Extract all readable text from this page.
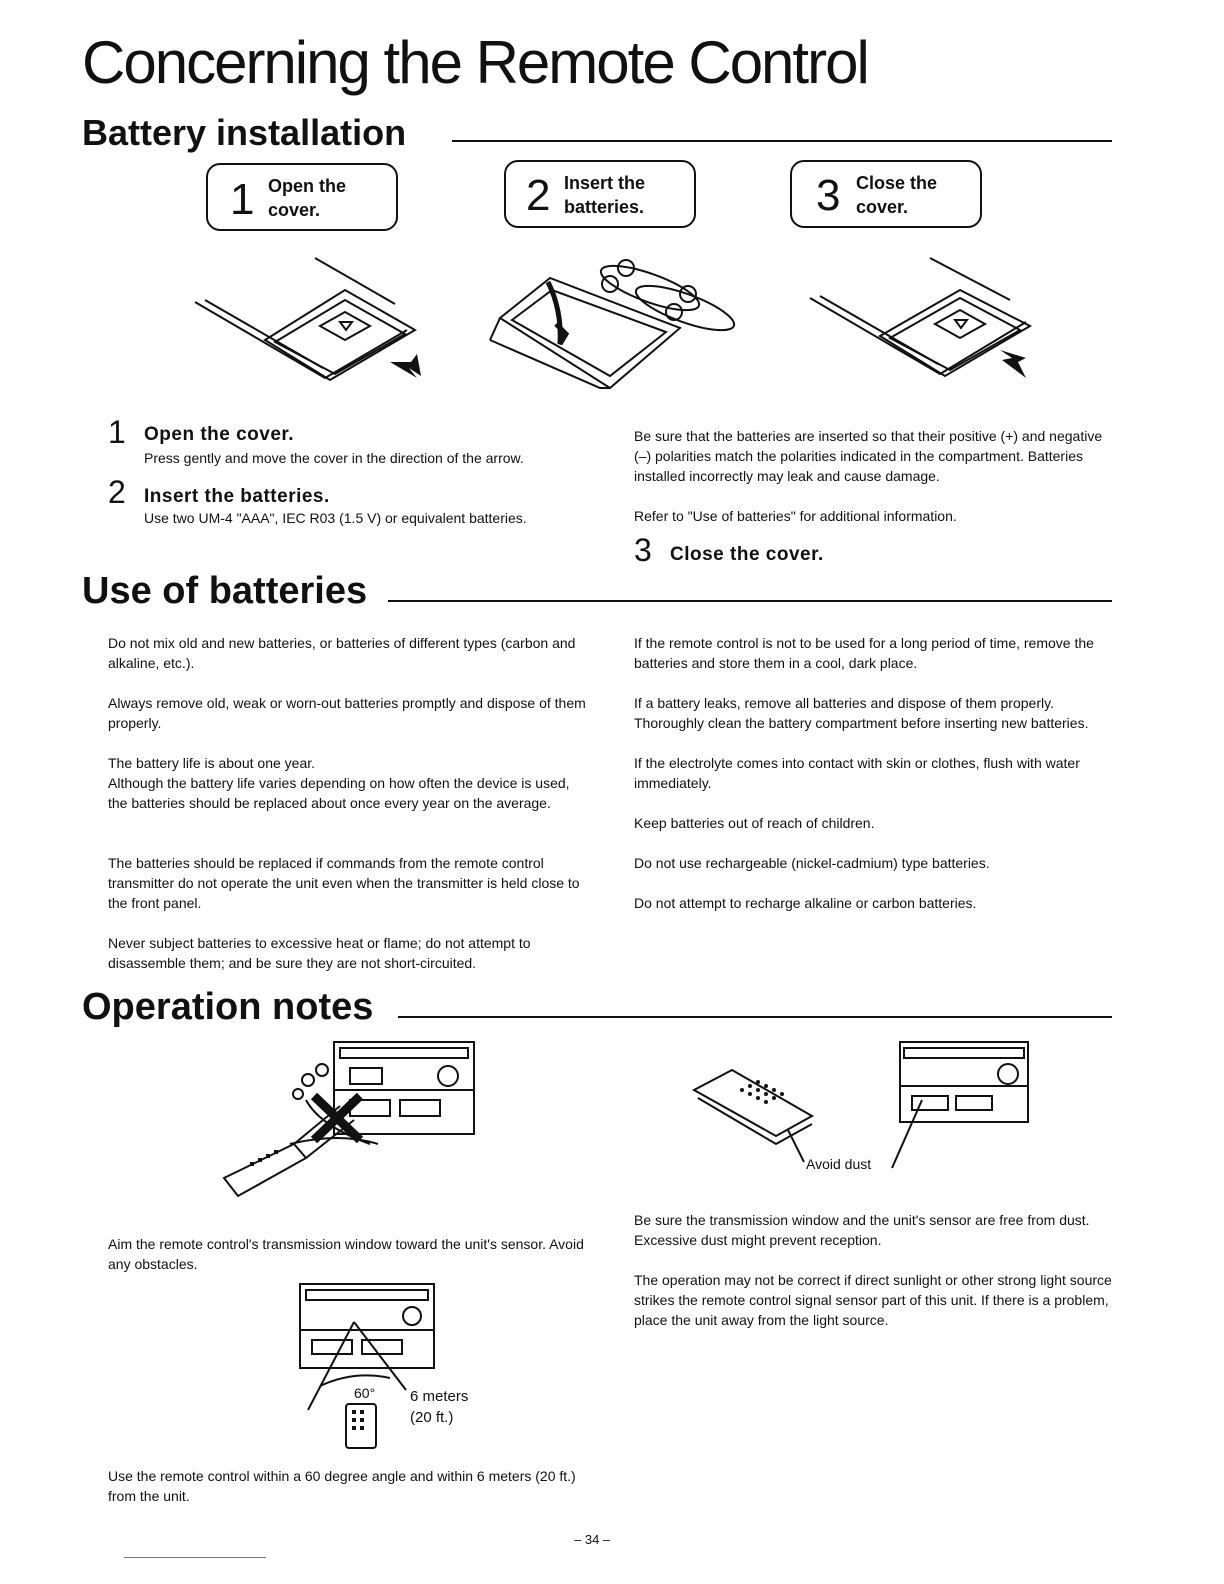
Concerning the Remote Control
Battery installation
1 Open the
cover.	2 Insert the
batteries.	3 Close the
cover.
1 Open the cover.
Press gently and move the cover in the direction of the arrow.
2 Insert the batteries.
Use two UM-4 "AAA", IEC R03 (1.5 V) or equivalent batteries.

Be sure that the batteries are inserted so that their positive (+) and negative (–) polarities match the polarities indicated in the compartment. Batteries installed incorrectly may leak and cause damage.

Refer to "Use of batteries" for additional information.

3 Close the cover.
Use of batteries

Do not mix old and new batteries, or batteries of different types (carbon and alkaline, etc.).

Always remove old, weak or worn-out batteries promptly and dispose of them properly.

The battery life is about one year.

Although the battery life varies depending on how often the device is used, the batteries should be replaced about once every year on the average.

The batteries should be replaced if commands from the remote control transmitter do not operate the unit even when the transmitter is held close to the front panel.

Never subject batteries to excessive heat or flame; do not attempt to disassemble them; and be sure they are not short-circuited.

If the remote control is not to be used for a long period of time, remove the batteries and store them in a cool, dark place.

If a battery leaks, remove all batteries and dispose of them properly.

Thoroughly clean the battery compartment before inserting new batteries.

If the electrolyte comes into contact with skin or clothes, flush with water immediately.

Keep batteries out of reach of children.

Do not use rechargeable (nickel-cadmium) type batteries.

Do not attempt to recharge alkaline or carbon batteries.

Operation notes
Avoid dust

Aim the remote control's transmission window toward the unit's sensor. Avoid any obstacles.

60° 6 meters
(20 ft.)

Use the remote control within a 60 degree angle and within 6 meters (20 ft.) from the unit.

Be sure the transmission window and the unit's sensor are free from dust. Excessive dust might prevent reception.

The operation may not be correct if direct sunlight or other strong light source strikes the remote control signal sensor part of this unit. If there is a problem, place the unit away from the light source.

– 34 –
